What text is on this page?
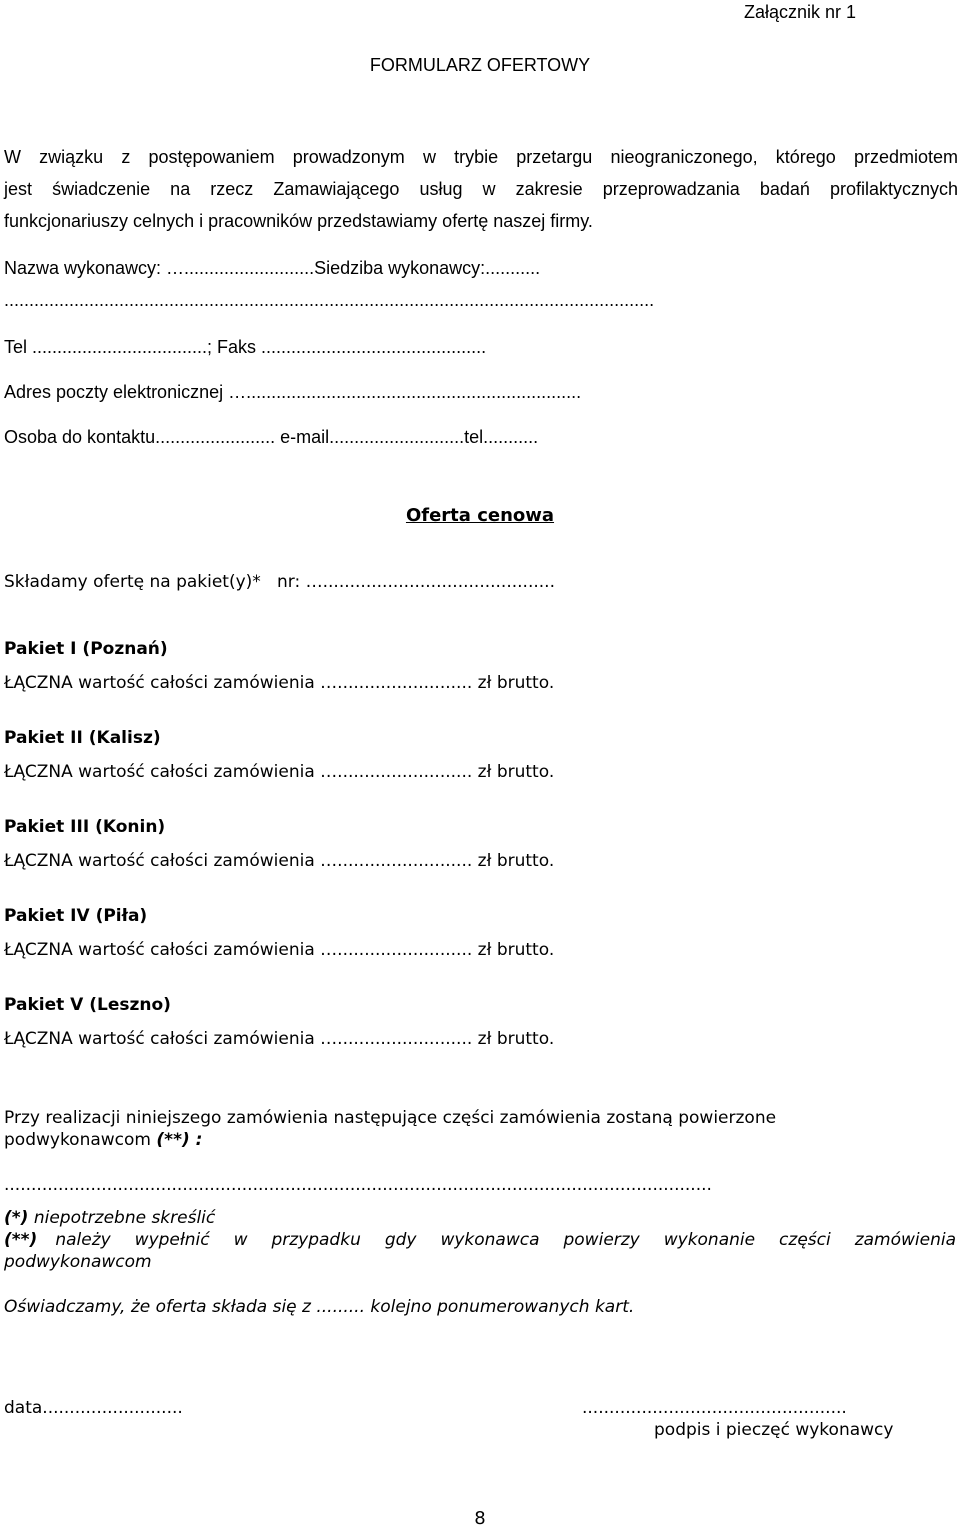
Załącznik nr 1
FORMULARZ OFERTOWY
W związku z postępowaniem prowadzonym w trybie przetargu nieograniczonego, którego przedmiotem
jest świadczenie na rzecz Zamawiającego usług w zakresie przeprowadzania badań profilaktycznych
funkcjonariuszy celnych i pracowników przedstawiamy ofertę naszej firmy.
Nazwa wykonawcy: …..........................Siedziba wykonawcy:...........
..................................................................................................................................
Tel ...................................; Faks .............................................
Adres poczty elektronicznej …...................................................................
Osoba do kontaktu........................ e-mail...........................tel...........
Oferta cenowa
Składamy ofertę na pakiet(y)*   nr: …...........................................
Pakiet I (Poznań)
ŁĄCZNA wartość całości zamówienia …......................... zł brutto.
Pakiet II (Kalisz)
ŁĄCZNA wartość całości zamówienia …......................... zł brutto.
Pakiet III (Konin)
ŁĄCZNA wartość całości zamówienia …......................... zł brutto.
Pakiet IV (Piła)
ŁĄCZNA wartość całości zamówienia …......................... zł brutto.
Pakiet V (Leszno)
ŁĄCZNA wartość całości zamówienia …......................... zł brutto.
Przy realizacji niniejszego zamówienia następujące części zamówienia zostaną powierzone
podwykonawcom (**) :
...................................................................................................................................
(*) niepotrzebne skreślić
(**) należy wypełnić w przypadku gdy wykonawca powierzy wykonanie części zamówienia
podwykonawcom
Oświadczamy, że oferta składa się z ......... kolejno ponumerowanych kart.
data..........................	.................................................
podpis i pieczęć wykonawcy
8
